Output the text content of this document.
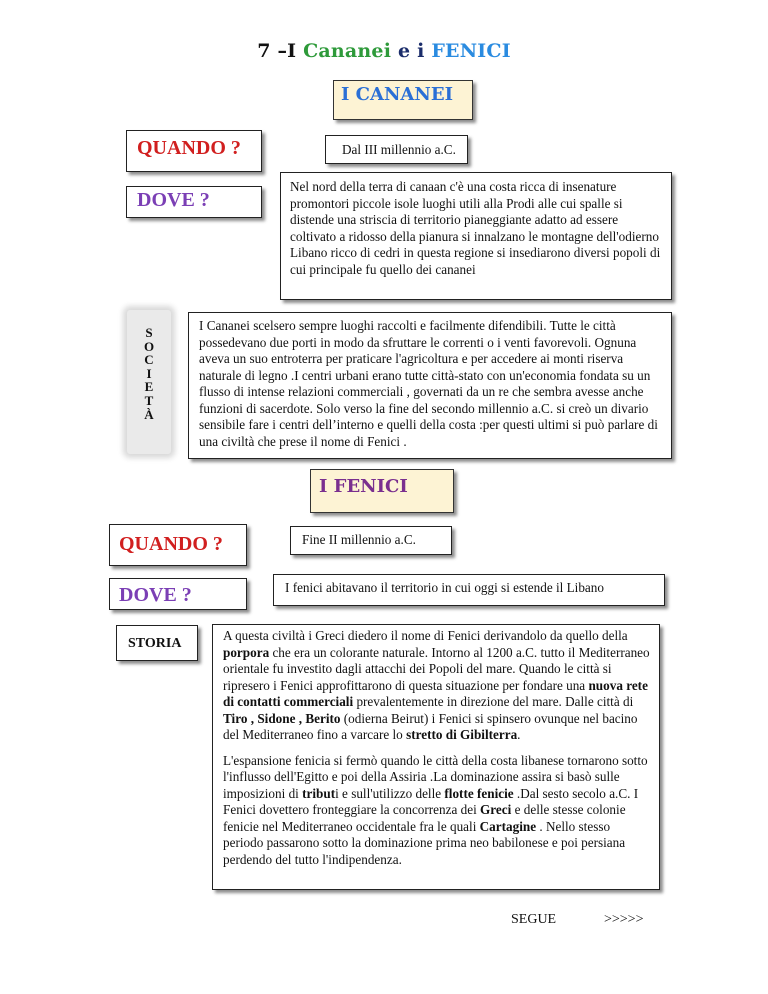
7 –I Cananei e i FENICI
I CANANEI
QUANDO ?	Dal III millennio a.C.
DOVE ?

Nel nord della terra di canaan c'è una costa ricca di insenature promontori piccole isole luoghi utili alla Prodi alle cui spalle si distende una striscia di territorio pianeggiante adatto ad essere coltivato a ridosso della pianura si innalzano le montagne dell'odierno Libano ricco di cedri in questa regione si insediarono diversi popoli di cui principale fu quello dei cananei

S
O
C
I
E
T
À

I Cananei scelsero sempre luoghi raccolti e facilmente difendibili. Tutte le città possedevano due porti in modo da sfruttare le correnti o i venti favorevoli. Ognuna aveva un suo entroterra per praticare l'agricoltura e per accedere ai monti riserva naturale di legno .I centri urbani erano tutte città-stato con un'economia fondata su un flusso di intense relazioni commerciali , governati da un re che sembra avesse anche funzioni di sacerdote. Solo verso la fine del secondo millennio a.C. si creò un divario sensibile fare i centri dell’interno e quelli della costa :per questi ultimi si può parlare di una civiltà che prese il nome di Fenici .

I FENICI
QUANDO ?	Fine II millennio a.C.
DOVE ?	I fenici abitavano il territorio in cui oggi si estende il Libano
STORIA

A questa civiltà i Greci diedero il nome di Fenici derivandolo da quello della porpora che era un colorante naturale. Intorno al 1200 a.C. tutto il Mediterraneo orientale fu investito dagli attacchi dei Popoli del mare. Quando le città si ripresero i Fenici approfittarono di questa situazione per fondare una nuova rete di contatti commerciali prevalentemente in direzione del mare. Dalle città di Tiro , Sidone , Berito (odierna Beirut) i Fenici si spinsero ovunque nel bacino del Mediterraneo fino a varcare lo stretto di Gibilterra.

L'espansione fenicia si fermò quando le città della costa libanese tornarono sotto l'influsso dell'Egitto e poi della Assiria .La dominazione assira si basò sulle imposizioni di tributi e sull'utilizzo delle flotte fenicie .Dal sesto secolo a.C. I Fenici dovettero fronteggiare la concorrenza dei Greci e delle stesse colonie fenicie nel Mediterraneo occidentale fra le quali Cartagine . Nello stesso periodo passarono sotto la dominazione prima neo babilonese e poi persiana perdendo del tutto l'indipendenza.

SEGUE	>>>>>
